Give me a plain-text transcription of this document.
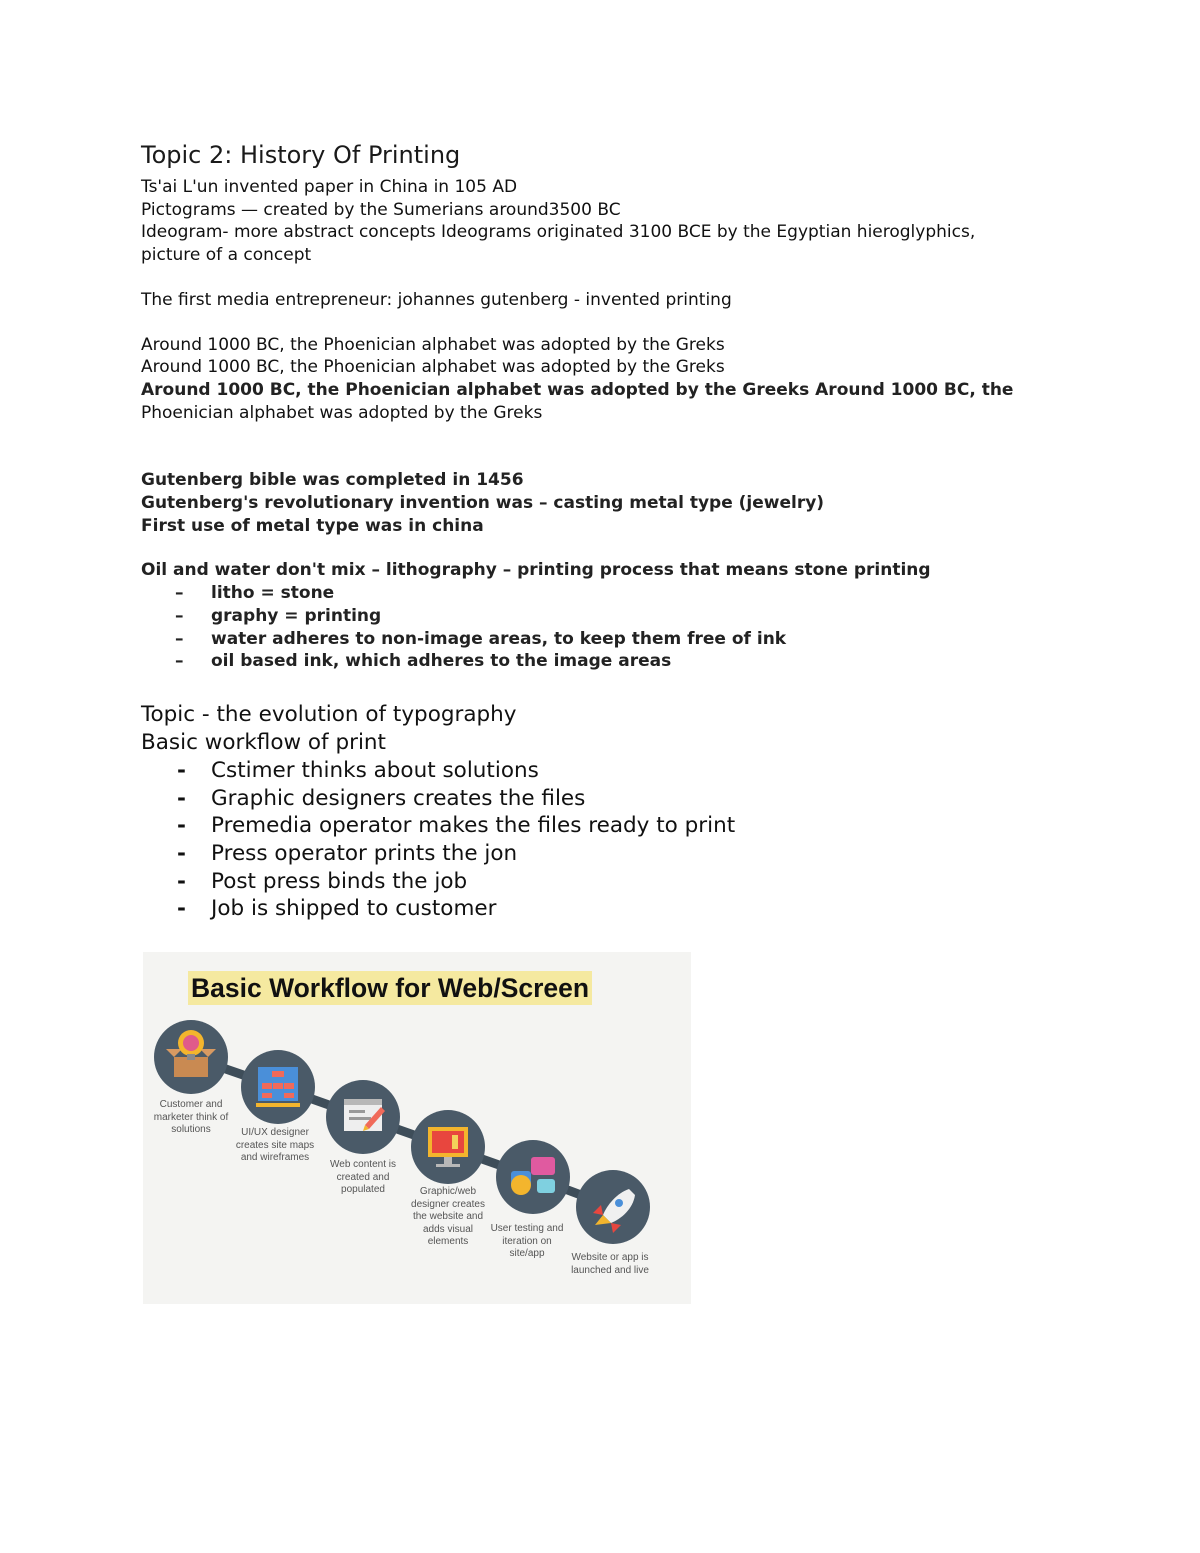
Topic 2: History Of Printing

Ts'ai L'un invented paper in China in 105 AD

Pictograms — created by the Sumerians around3500 BC

Ideogram- more abstract concepts Ideograms originated 3100 BCE by the Egyptian hieroglyphics,

picture of a concept

The first media entrepreneur: johannes gutenberg - invented printing

Around 1000 BC, the Phoenician alphabet was adopted by the Greks

Around 1000 BC, the Phoenician alphabet was adopted by the Greks

Around 1000 BC, the Phoenician alphabet was adopted by the Greeks Around 1000 BC, the

Phoenician alphabet was adopted by the Greks

Gutenberg bible was completed in 1456

Gutenberg's revolutionary invention was – casting metal type (jewelry)

First use of metal type was in china

Oil and water don't mix – lithography – printing process that means stone printing

– litho = stone
– graphy = printing
– water adheres to non-image areas, to keep them free of ink
– oil based ink, which adheres to the image areas
Topic - the evolution of typography
Basic workflow of print
- Cstimer thinks about solutions
- Graphic designers creates the files
- Premedia operator makes the files ready to print
- Press operator prints the jon
- Post press binds the job
- Job is shipped to customer
Basic Workflow for Web/Screen
Customer and marketer think of solutions	UI/UX designer creates site maps and wireframes
Web content is created and populated	Graphic/web designer creates the website and adds visual elements
User testing and iteration on site/app	Website or app is launched and live
